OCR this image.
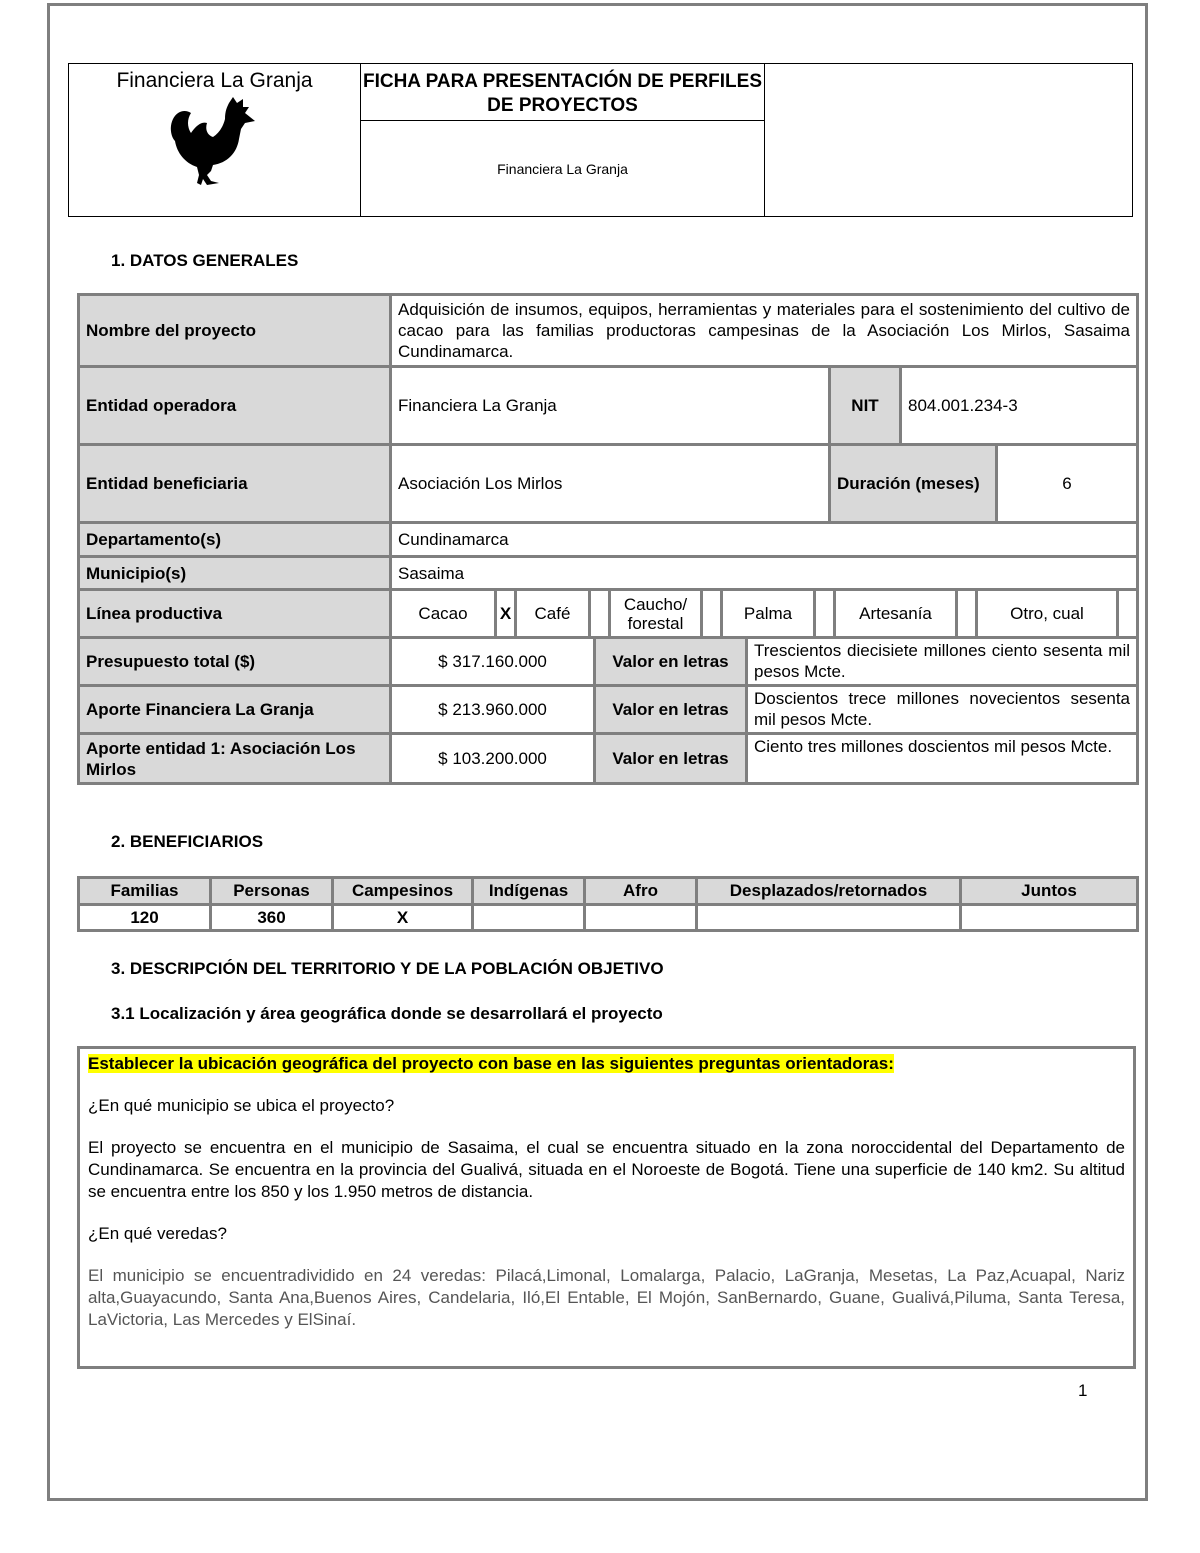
Financiera La Granja	FICHA PARA PRESENTACIÓN DE PERFILES DE PROYECTOS

Financiera La Granja
1. DATOS GENERALES
Nombre del proyecto	Adquisición de insumos, equipos, herramientas y materiales para el sostenimiento del cultivo de cacao para las familias productoras campesinas de la Asociación Los Mirlos, Sasaima Cundinamarca.			
Entidad operadora	Financiera La Granja	NIT	804.001.234-3	
Entidad beneficiaria	Asociación Los Mirlos	Duración (meses)		6
Departamento(s)	Cundinamarca			
Municipio(s)	Sasaima			
Línea productiva	Cacao	X	Café		Caucho/ forestal		Palma		Artesanía		Otro, cual	
Presupuesto total ($)	$ 317.160.000	Valor en letras	Trescientos diecisiete millones ciento sesenta mil pesos Mcte.
Aporte Financiera La Granja	$ 213.960.000	Valor en letras	Doscientos trece millones novecientos sesenta mil pesos Mcte.
Aporte entidad 1: Asociación Los Mirlos	$ 103.200.000	Valor en letras	Ciento tres millones doscientos mil pesos Mcte.
2. BENEFICIARIOS
Familias	Personas	Campesinos	Indígenas	Afro	Desplazados/retornados	Juntos
120	360	X				
3. DESCRIPCIÓN DEL TERRITORIO Y DE LA POBLACIÓN OBJETIVO
3.1 Localización y área geográfica donde se desarrollará el proyecto

Establecer la ubicación geográfica del proyecto con base en las siguientes preguntas orientadoras:

¿En qué municipio se ubica el proyecto?

El proyecto se encuentra en el municipio de Sasaima, el cual se encuentra situado en la zona noroccidental del Departamento de Cundinamarca. Se encuentra en la provincia del Gualivá, situada en el Noroeste de Bogotá. Tiene una superficie de 140 km2. Su altitud se encuentra entre los 850 y los 1.950 metros de distancia.

¿En qué veredas?

El municipio se encuentradividido en 24 veredas: Pilacá,Limonal, Lomalarga, Palacio, LaGranja, Mesetas, La Paz,Acuapal, Nariz alta,Guayacundo, Santa Ana,Buenos Aires, Candelaria, Iló,El Entable, El Mojón, SanBernardo, Guane, Gualivá,Piluma, Santa Teresa, LaVictoria, Las Mercedes y ElSinaí.

1
